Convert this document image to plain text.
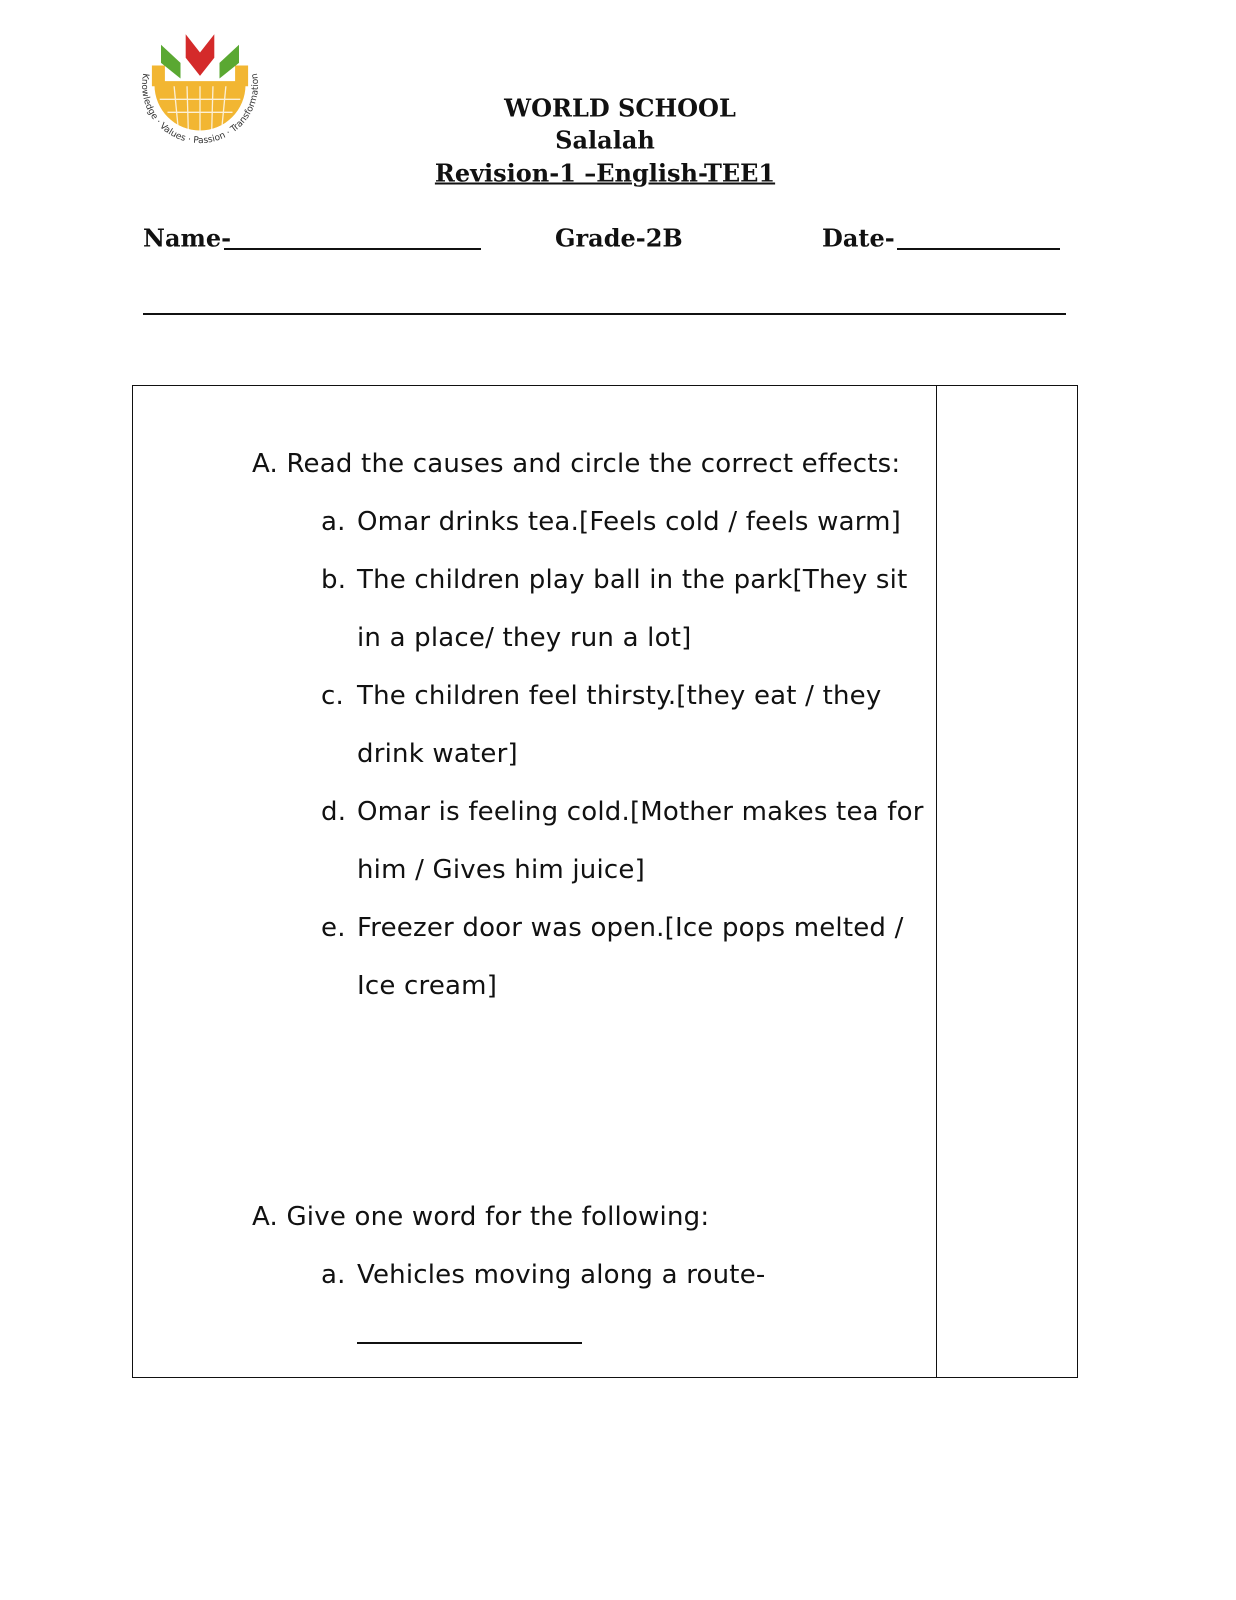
Knowledge · Values · Passion · Transformation
WORLD SCHOOL
Salalah
Revision-1 –English-TEE1
Name-	Grade-2B	Date-
A. Read the causes and circle the correct effects:
a. Omar drinks tea.[Feels cold / feels warm]
b. The children play ball in the park[They sit
in a place/ they run a lot]
c. The children feel thirsty.[they eat / they
drink water]
d. Omar is feeling cold.[Mother makes tea for
him / Gives him juice]
e. Freezer door was open.[Ice pops melted /
Ice cream]
A. Give one word for the following:
a. Vehicles moving along a route-
